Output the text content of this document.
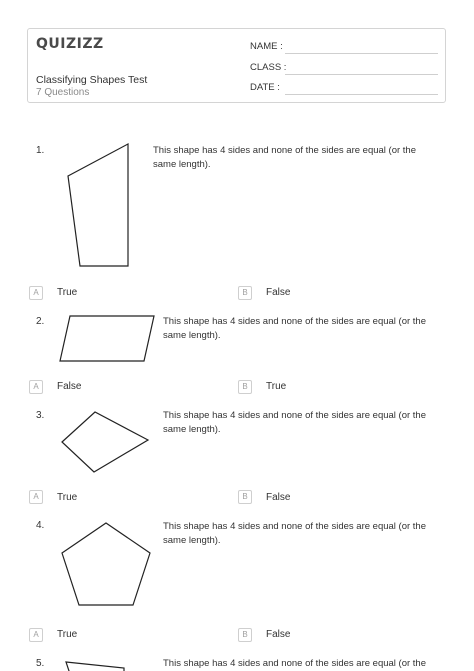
QUIZIZZ
Classifying Shapes Test
7 Questions
NAME :
CLASS :
DATE :
1.	This shape has 4 sides and none of the sides are equal (or the same length).
A	True	B	False
2.	This shape has 4 sides and none of the sides are equal (or the same length).
A	False	B	True
3.	This shape has 4 sides and none of the sides are equal (or the same length).
A	True	B	False
4.	This shape has 4 sides and none of the sides are equal (or the same length).
A	True	B	False
5.	This shape has 4 sides and none of the sides are equal (or the
